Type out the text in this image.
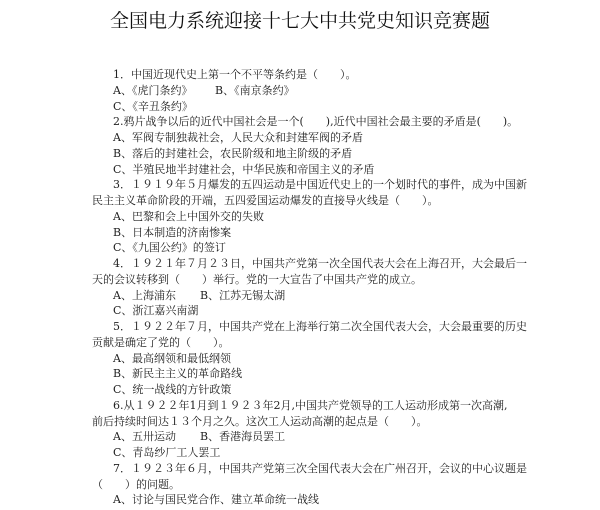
全国电力系统迎接十七大中共党史知识竞赛题
1．中国近现代史上第一个不平等条约是（　　）。
A、《虎门条约》 B、《南京条约》
C、《辛丑条约》
2.鸦片战争以后的近代中国社会是一个(　　),近代中国社会最主要的矛盾是(　　)。
A、军阀专制独裁社会，人民大众和封建军阀的矛盾
B、落后的封建社会，农民阶级和地主阶级的矛盾
C、半殖民地半封建社会，中华民族和帝国主义的矛盾
3．１９１９年５月爆发的五四运动是中国近代史上的一个划时代的事件，成为中国新
民主主义革命阶段的开端，五四爱国运动爆发的直接导火线是（　　）。
A、巴黎和会上中国外交的失败
B、日本制造的济南惨案
C、《九国公约》的签订
4．１９２１年７月２３日，中国共产党第一次全国代表大会在上海召开，大会最后一
天的会议转移到（　　）举行。党的一大宣告了中国共产党的成立。
A、上海浦东 B、江苏无锡太湖
C、浙江嘉兴南湖
5．１９２２年７月，中国共产党在上海举行第二次全国代表大会，大会最重要的历史
贡献是确定了党的（　　）。
A、最高纲领和最低纲领
B、新民主主义的革命路线
C、统一战线的方针政策
6.从１９２２年1月到１９２３年2月,中国共产党领导的工人运动形成第一次高潮,
前后持续时间达１３个月之久。这次工人运动高潮的起点是（　　）。
A、五卅运动 B、香港海员罢工
C、青岛纱厂工人罢工
7．１９２３年６月，中国共产党第三次全国代表大会在广州召开，会议的中心议题是
（　　）的问题。
A、讨论与国民党合作、建立革命统一战线
